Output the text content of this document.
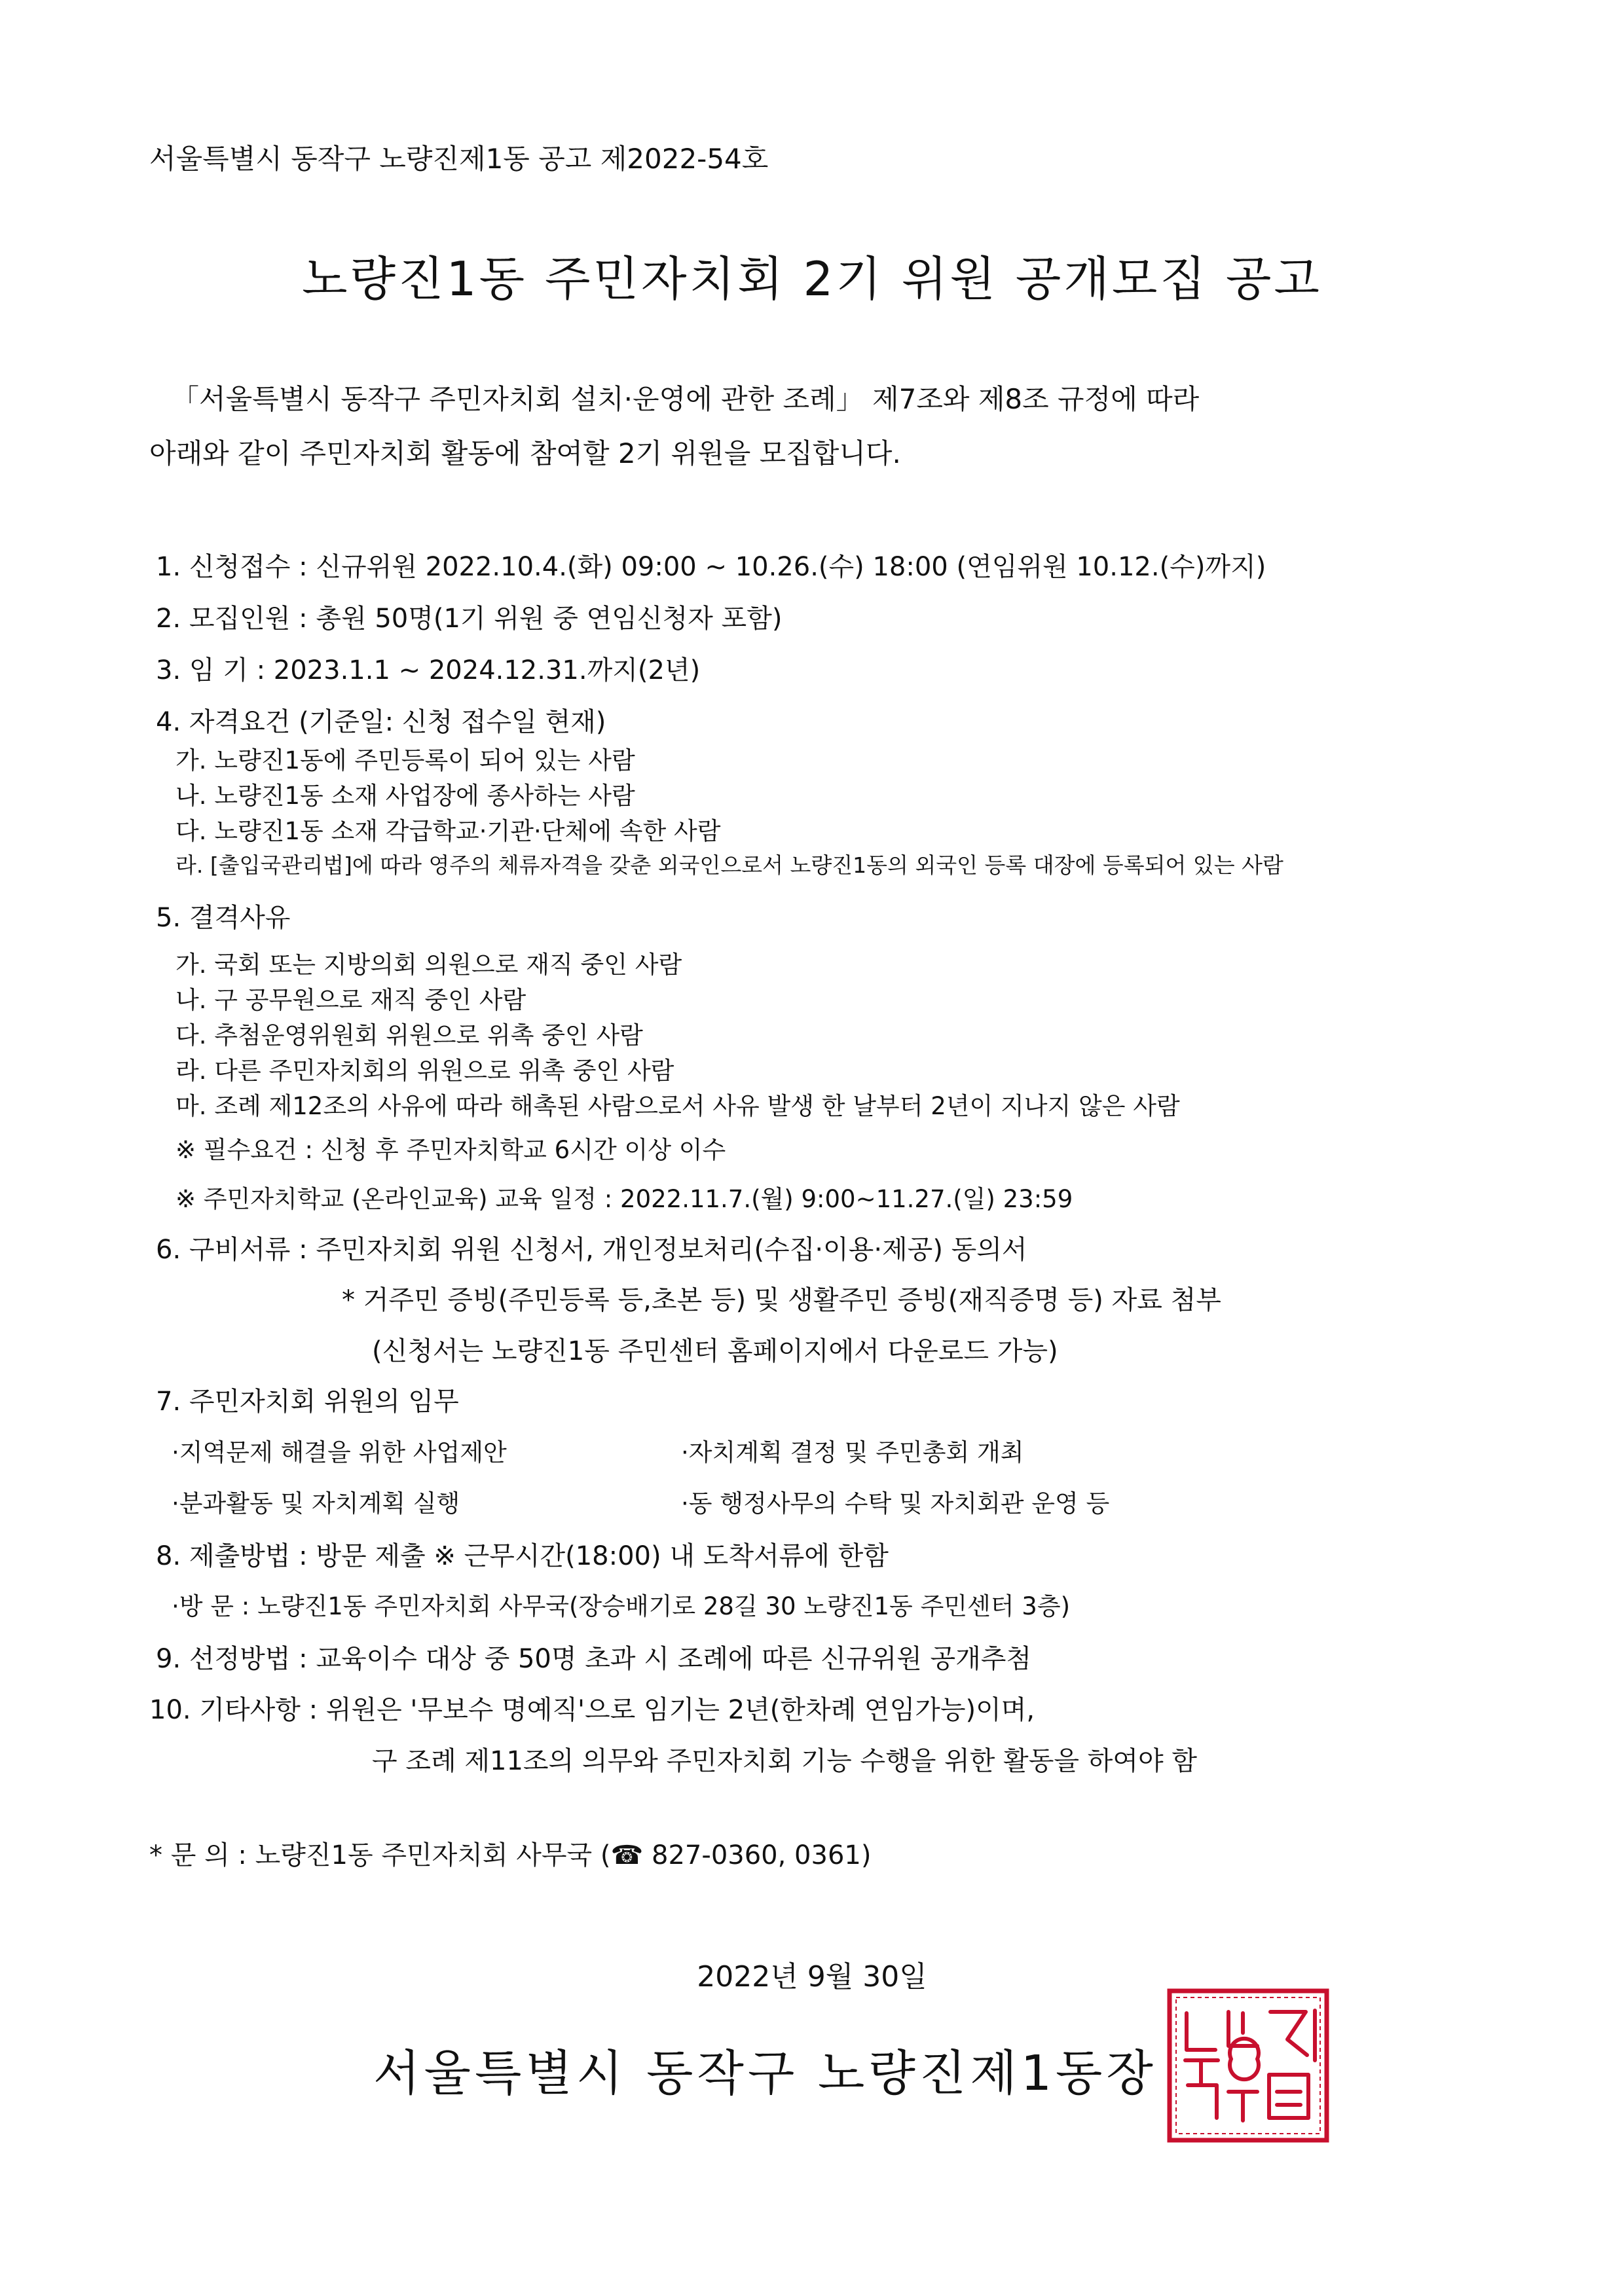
서울특별시 동작구 노량진제1동 공고 제2022-54호
노량진1동 주민자치회 2기 위원 공개모집 공고
「서울특별시 동작구 주민자치회 설치·운영에 관한 조례」 제7조와 제8조 규정에 따라
아래와 같이 주민자치회 활동에 참여할 2기 위원을 모집합니다.
1. 신청접수 : 신규위원 2022.10.4.(화) 09:00 ~ 10.26.(수) 18:00 (연임위원 10.12.(수)까지)
2. 모집인원 : 총원 50명(1기 위원 중 연임신청자 포함)
3. 임 기 : 2023.1.1 ~ 2024.12.31.까지(2년)
4. 자격요건 (기준일: 신청 접수일 현재)
가. 노량진1동에 주민등록이 되어 있는 사람
나. 노량진1동 소재 사업장에 종사하는 사람
다. 노량진1동 소재 각급학교·기관·단체에 속한 사람
라. [출입국관리법]에 따라 영주의 체류자격을 갖춘 외국인으로서 노량진1동의 외국인 등록 대장에 등록되어 있는 사람
5. 결격사유
가. 국회 또는 지방의회 의원으로 재직 중인 사람
나. 구 공무원으로 재직 중인 사람
다. 추첨운영위원회 위원으로 위촉 중인 사람
라. 다른 주민자치회의 위원으로 위촉 중인 사람
마. 조례 제12조의 사유에 따라 해촉된 사람으로서 사유 발생 한 날부터 2년이 지나지 않은 사람
※ 필수요건 : 신청 후 주민자치학교 6시간 이상 이수
※ 주민자치학교 (온라인교육) 교육 일정 : 2022.11.7.(월) 9:00~11.27.(일) 23:59
6. 구비서류 : 주민자치회 위원 신청서, 개인정보처리(수집·이용·제공) 동의서
* 거주민 증빙(주민등록 등,초본 등) 및 생활주민 증빙(재직증명 등) 자료 첨부
(신청서는 노량진1동 주민센터 홈페이지에서 다운로드 가능)
7. 주민자치회 위원의 임무
·지역문제 해결을 위한 사업제안	·자치계획 결정 및 주민총회 개최
·분과활동 및 자치계획 실행	·동 행정사무의 수탁 및 자치회관 운영 등
8. 제출방법 : 방문 제출 ※ 근무시간(18:00) 내 도착서류에 한함
·방 문 : 노량진1동 주민자치회 사무국(장승배기로 28길 30 노량진1동 주민센터 3층)
9. 선정방법 : 교육이수 대상 중 50명 초과 시 조례에 따른 신규위원 공개추첨
10. 기타사항 : 위원은 '무보수 명예직'으로 임기는 2년(한차례 연임가능)이며,
구 조례 제11조의 의무와 주민자치회 기능 수행을 위한 활동을 하여야 함
* 문 의 : 노량진1동 주민자치회 사무국 (☎ 827-0360, 0361)
2022년 9월 30일
서울특별시 동작구 노량진제1동장
